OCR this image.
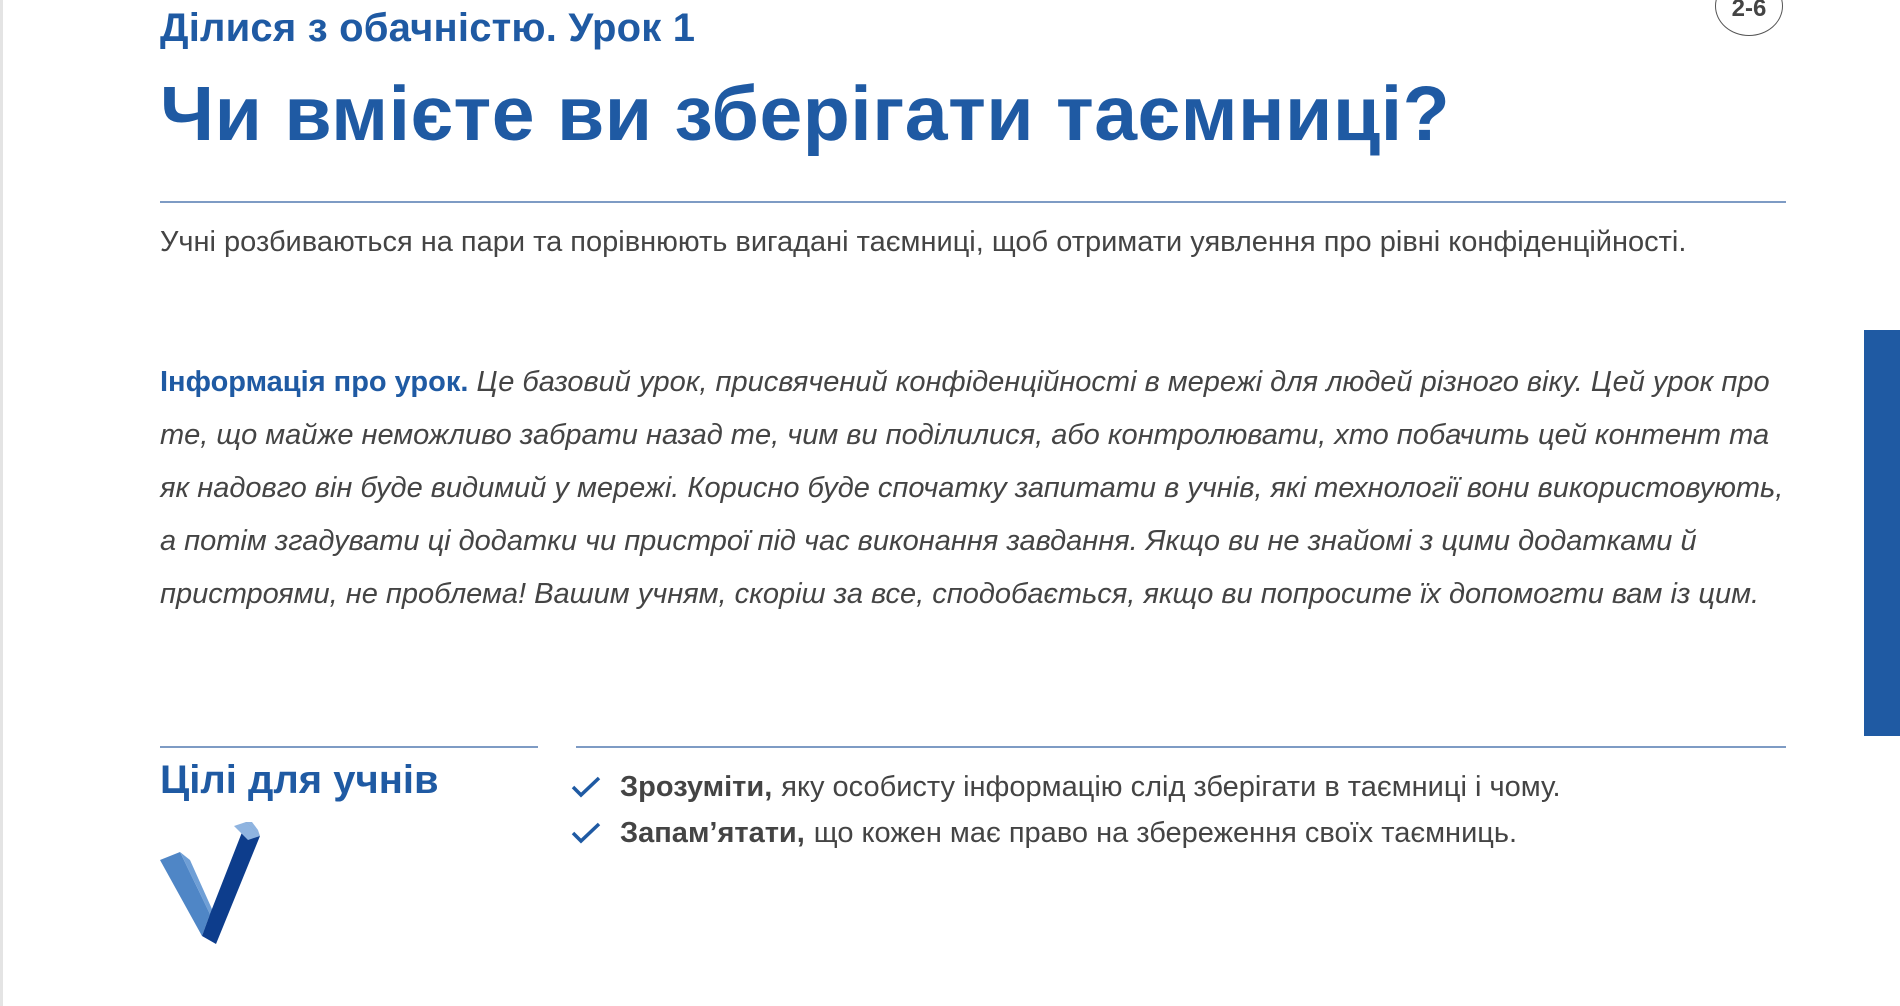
2-6
Ділися з обачністю. Урок 1
Чи вмієте ви зберігати таємниці?

Учні розбиваються на пари та порівнюють вигадані таємниці, щоб отримати уявлення про рівні конфіденційності.

Інформація про урок. Це базовий урок, присвячений конфіденційності в мережі для людей різного віку. Цей урок про те, що майже неможливо забрати назад те, чим ви поділилися, або контролювати, хто побачить цей контент та як надовго він буде видимий у мережі. Корисно буде спочатку запитати в учнів, які технології вони використовують, а потім згадувати ці додатки чи пристрої під час виконання завдання. Якщо ви не знайомі з цими додатками й пристроями, не проблема! Вашим учням, скоріш за все, сподобається, якщо ви попросите їх допомогти вам із цим.

Цілі для учнів	Зрозуміти, яку особисту інформацію слід зберігати в таємниці і чому.
Запам’ятати, що кожен має право на збереження своїх таємниць.
